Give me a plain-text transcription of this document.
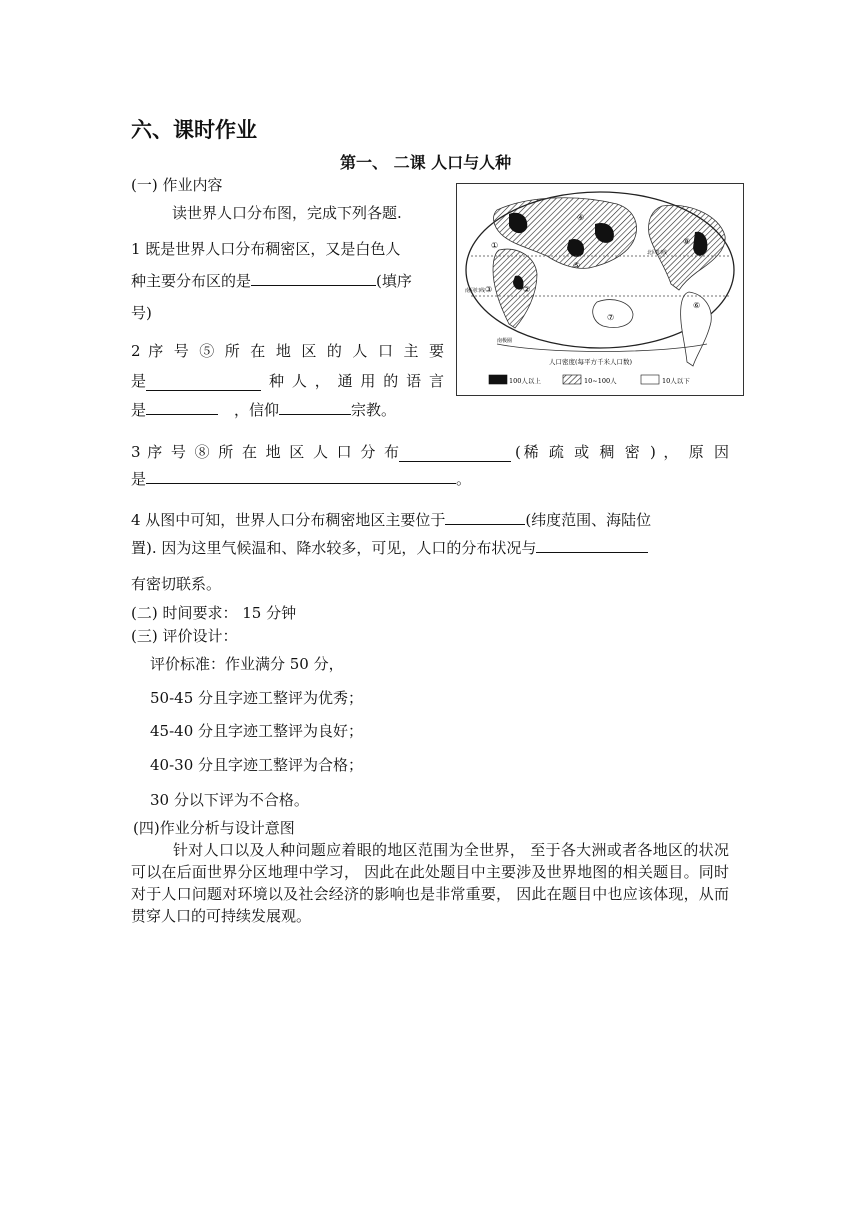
六、课时作业
第一、 二课 人口与人种
(一) 作业内容
读世界人口分布图，完成下列各题.
1 既是世界人口分布稠密区，又是白色人
种主要分布区的是	(填序
号)
2 序 号 ⑤ 所 在 地 区 的 人 口 主 要
是	种 人 ， 通 用 的 语 言
是	，信仰	宗教。
①
②
③
④
⑤
⑥
⑦
⑧
北回归线
南回归线
南极圈
人口密度(每平方千米人口数)
100人以上	10~100人	10人以下
3 序 号 ⑧ 所 在 地 区 人 口 分 布	(稀 疏 或 稠 密 ) ， 原 因
是	。
4 从图中可知，世界人口分布稠密地区主要位于	(纬度范围、海陆位
置). 因为这里气候温和、降水较多，可见，人口的分布状况与
有密切联系。
(二) 时间要求： 15 分钟
(三) 评价设计：
评价标准：作业满分 50 分，
50-45 分且字迹工整评为优秀；
45-40 分且字迹工整评为良好；
40-30 分且字迹工整评为合格；
30 分以下评为不合格。
(四)作业分析与设计意图
针对人口以及人种问题应着眼的地区范围为全世界， 至于各大洲或者各地区的状况可以在后面世界分区地理中学习， 因此在此处题目中主要涉及世界地图的相关题目。同时对于人口问题对环境以及社会经济的影响也是非常重要， 因此在题目中也应该体现，从而贯穿人口的可持续发展观。
